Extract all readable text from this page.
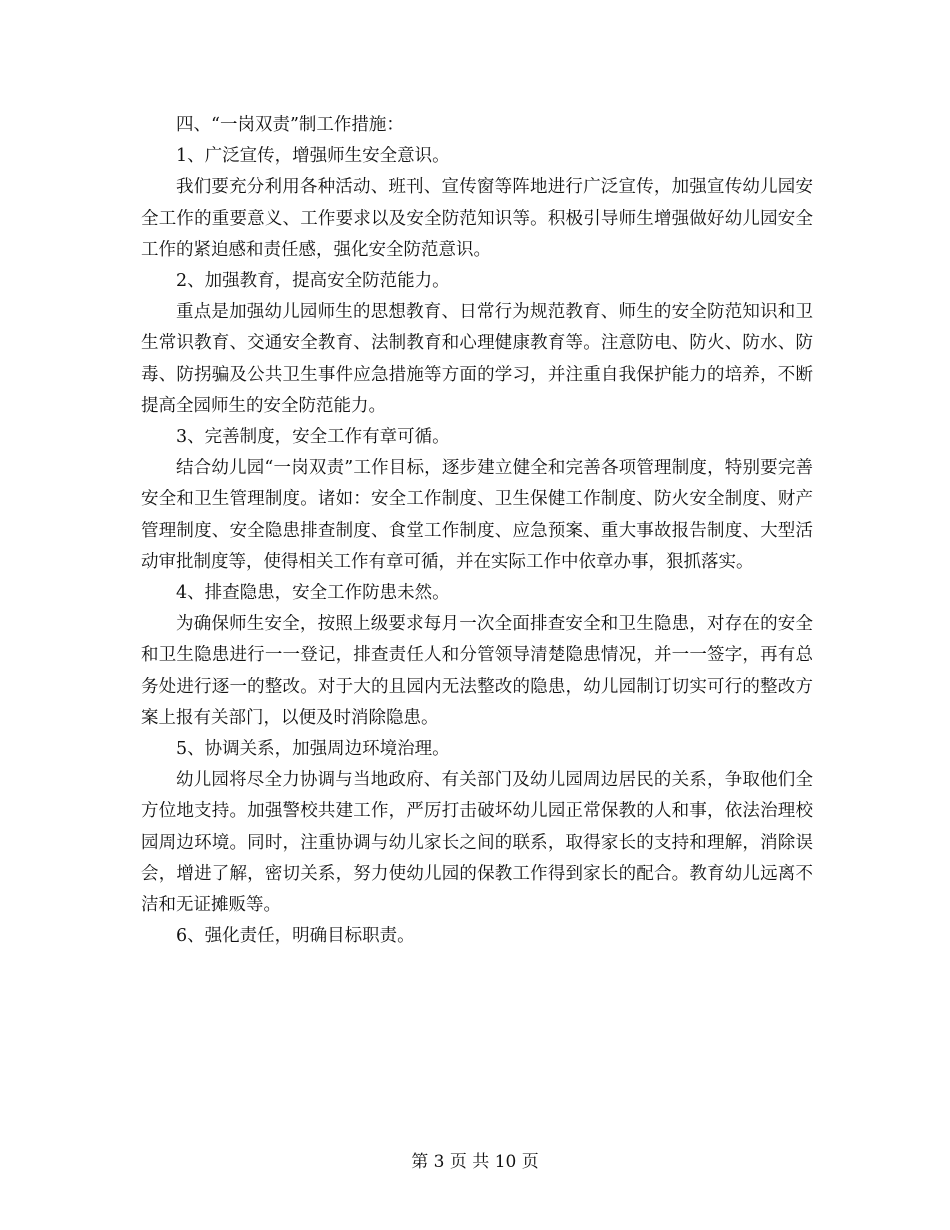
四、“一岗双责”制工作措施：

1、广泛宣传，增强师生安全意识。

我们要充分利用各种活动、班刊、宣传窗等阵地进行广泛宣传，加强宣传幼儿园安全工作的重要意义、工作要求以及安全防范知识等。积极引导师生增强做好幼儿园安全工作的紧迫感和责任感，强化安全防范意识。

2、加强教育，提高安全防范能力。

重点是加强幼儿园师生的思想教育、日常行为规范教育、师生的安全防范知识和卫生常识教育、交通安全教育、法制教育和心理健康教育等。注意防电、防火、防水、防毒、防拐骗及公共卫生事件应急措施等方面的学习，并注重自我保护能力的培养，不断提高全园师生的安全防范能力。

3、完善制度，安全工作有章可循。

结合幼儿园“一岗双责”工作目标，逐步建立健全和完善各项管理制度，特别要完善安全和卫生管理制度。诸如：安全工作制度、卫生保健工作制度、防火安全制度、财产管理制度、安全隐患排查制度、食堂工作制度、应急预案、重大事故报告制度、大型活动审批制度等，使得相关工作有章可循，并在实际工作中依章办事，狠抓落实。

4、排查隐患，安全工作防患未然。

为确保师生安全，按照上级要求每月一次全面排查安全和卫生隐患，对存在的安全和卫生隐患进行一一登记，排查责任人和分管领导清楚隐患情况，并一一签字，再有总务处进行逐一的整改。对于大的且园内无法整改的隐患，幼儿园制订切实可行的整改方案上报有关部门，以便及时消除隐患。

5、协调关系，加强周边环境治理。

幼儿园将尽全力协调与当地政府、有关部门及幼儿园周边居民的关系，争取他们全方位地支持。加强警校共建工作，严厉打击破坏幼儿园正常保教的人和事，依法治理校园周边环境。同时，注重协调与幼儿家长之间的联系，取得家长的支持和理解，消除误会，增进了解，密切关系，努力使幼儿园的保教工作得到家长的配合。教育幼儿远离不洁和无证摊贩等。

6、强化责任，明确目标职责。

第 3 页 共 10 页
